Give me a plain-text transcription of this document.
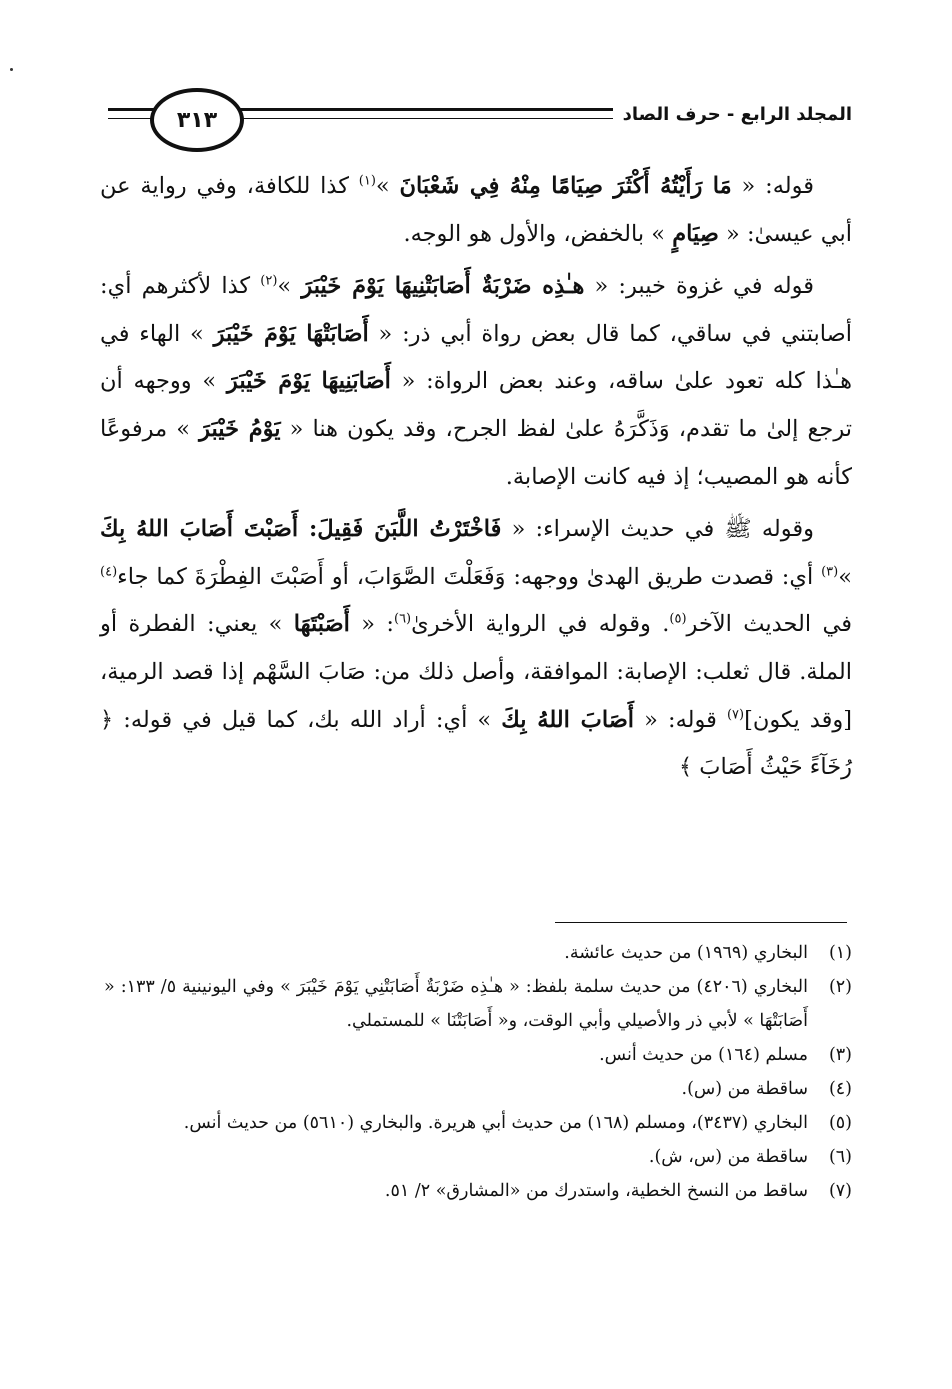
٣١٣	المجلد الرابع - حرف الصاد

قوله: « مَا رَأَيْتُهُ أَكْثَرَ صِيَامًا مِنْهُ فِي شَعْبَانَ »$^{(١)}$ كذا للكافة، وفي رواية عن أبي عيسىٰ: « صِيَامٍ » بالخفض، والأول هو الوجه.

قوله في غزوة خيبر: « هـٰذِه ضَرْبَةٌ أَصَابَتْنِيهَا يَوْمَ خَيْبَرَ »$^{(٢)}$ كذا لأكثرهم أي: أصابتني في ساقي، كما قال بعض رواة أبي ذر: « أَصَابَتْهَا يَوْمَ خَيْبَرَ » الهاء في هـٰذا كله تعود علىٰ ساقه، وعند بعض الرواة: « أَصَابَنِيهَا يَوْمَ خَيْبَرَ » ووجهه أن ترجع إلىٰ ما تقدم، وَذَكَّرَهُ علىٰ لفظ الجرح، وقد يكون هنا « يَوْمُ خَيْبَرَ » مرفوعًا كأنه هو المصيب؛ إذ فيه كانت الإصابة.

وقوله ﷺ في حديث الإسراء: « فَاخْتَرْتُ اللَّبَنَ فَقِيلَ: أَصَبْتَ أَصَابَ اللهُ بِكَ »$^{(٣)}$ أي: قصدت طريق الهدىٰ ووجهه: وَفَعَلْتَ الصَّوَابَ، أو أَصَبْتَ الفِطْرَةَ كما جاء$^{(٤)}$ في الحديث الآخر$^{(٥)}$. وقوله في الرواية الأخرىٰ$^{(٦)}$: « أَصَبْتَهَا » يعني: الفطرة أو الملة. قال ثعلب: الإصابة: الموافقة، وأصل ذلك من: صَابَ السَّهْم إذا قصد الرمية، [وقد يكون]$^{(٧)}$ قوله: « أَصَابَ اللهُ بِكَ » أي: أراد الله بك، كما قيل في قوله: ﴿ رُخَآءً حَيْثُ أَصَابَ ﴾

(١)
البخاري (١٩٦٩) من حديث عائشة.
(٢)
البخاري (٤٢٠٦) من حديث سلمة بلفظ: « هـٰذِه ضَرْبَةٌ أَصَابَتْنِي يَوْمَ خَيْبَرَ » وفي اليونينية ٥/ ١٣٣: « أَصَابَتْهَا » لأبي ذر والأصيلي وأبي الوقت، و« أَصَابَتْنَا » للمستملي.
(٣)
مسلم (١٦٤) من حديث أنس.
(٤)
ساقطة من (س).
(٥)
البخاري (٣٤٣٧)، ومسلم (١٦٨) من حديث أبي هريرة. والبخاري (٥٦١٠) من حديث أنس.
(٦)
ساقطة من (س، ش).
(٧)
ساقط من النسخ الخطية، واستدرك من «المشارق» ٢/ ٥١.
